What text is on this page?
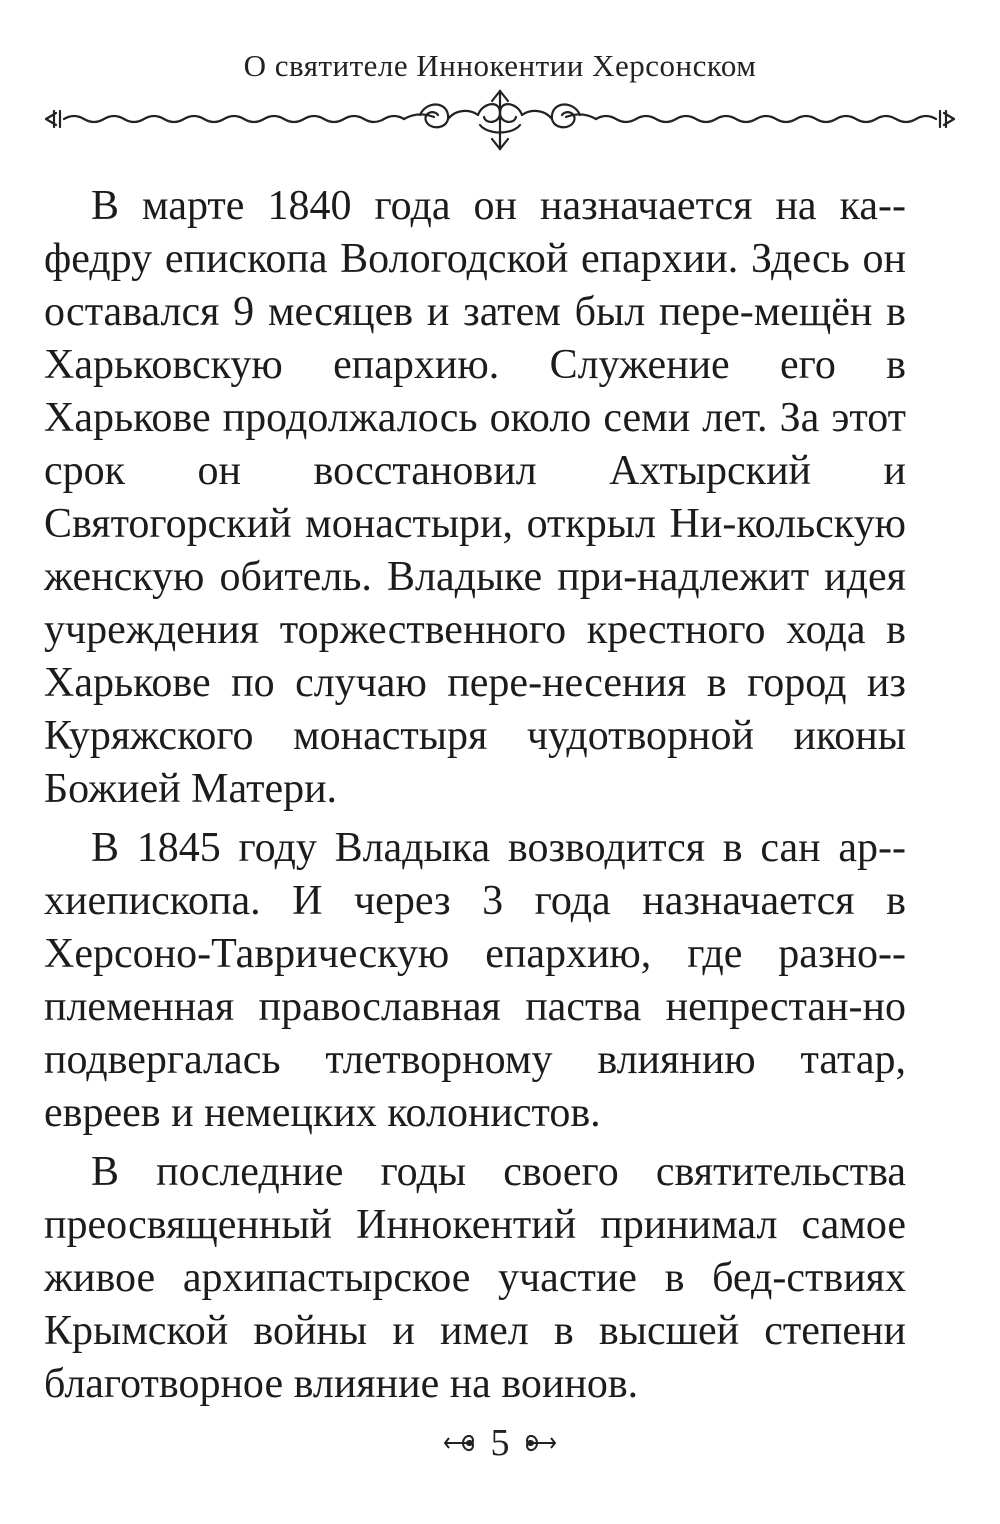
О святителе Иннокентии Херсонском

В марте 1840 года он назначается на ка-федру епископа Вологодской епархии. Здесь он оставался 9 месяцев и затем был пере-мещён в Харьковскую епархию. Служение его в Харькове продолжалось около семи лет. За этот срок он восстановил Ахтырский и Святогорский монастыри, открыл Ни-кольскую женскую обитель. Владыке при-надлежит идея учреждения торжественного крестного хода в Харькове по случаю пере-несения в город из Куряжского монастыря чудотворной иконы Божией Матери.

В 1845 году Владыка возводится в сан ар-хиепископа. И через 3 года назначается в Херсоно-Таврическую епархию, где разно-племенная православная паства непрестан-но подвергалась тлетворному влиянию татар, евреев и немецких колонистов.

В последние годы своего святительства преосвященный Иннокентий принимал самое живое архипастырское участие в бед-ствиях Крымской войны и имел в высшей степени благотворное влияние на воинов.

5
